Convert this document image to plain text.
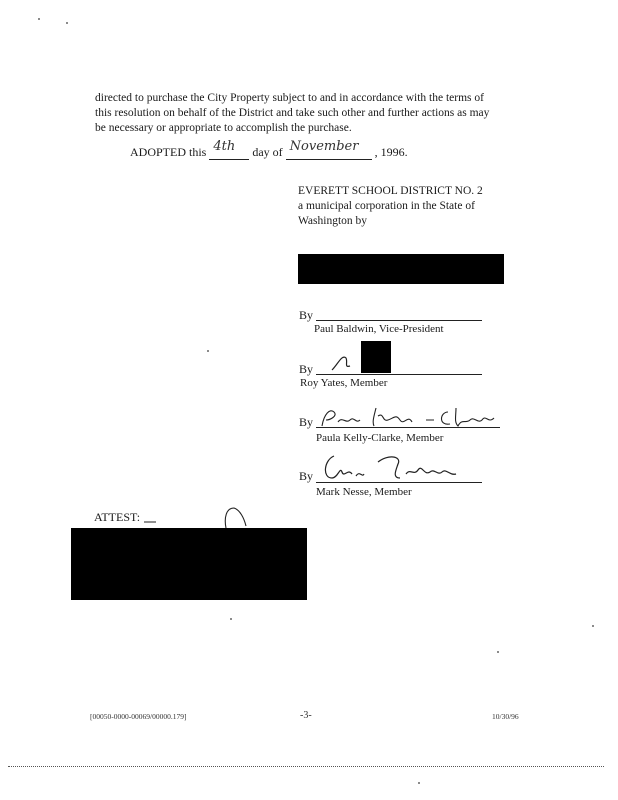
directed to purchase the City Property subject to and in accordance with the terms of
this resolution on behalf of the District and take such other and further actions as may
be necessary or appropriate to accomplish the purchase.
ADOPTED this 4th day of November , 1996.
EVERETT SCHOOL DISTRICT NO. 2
a municipal corporation in the State of
Washington by
By
Paul Baldwin, Vice-President
By
Roy Yates, Member
By
Paula Kelly-Clarke, Member
By
Mark Nesse, Member
ATTEST:
[00050-0000-00069/00000.179]	-3-	10/30/96
